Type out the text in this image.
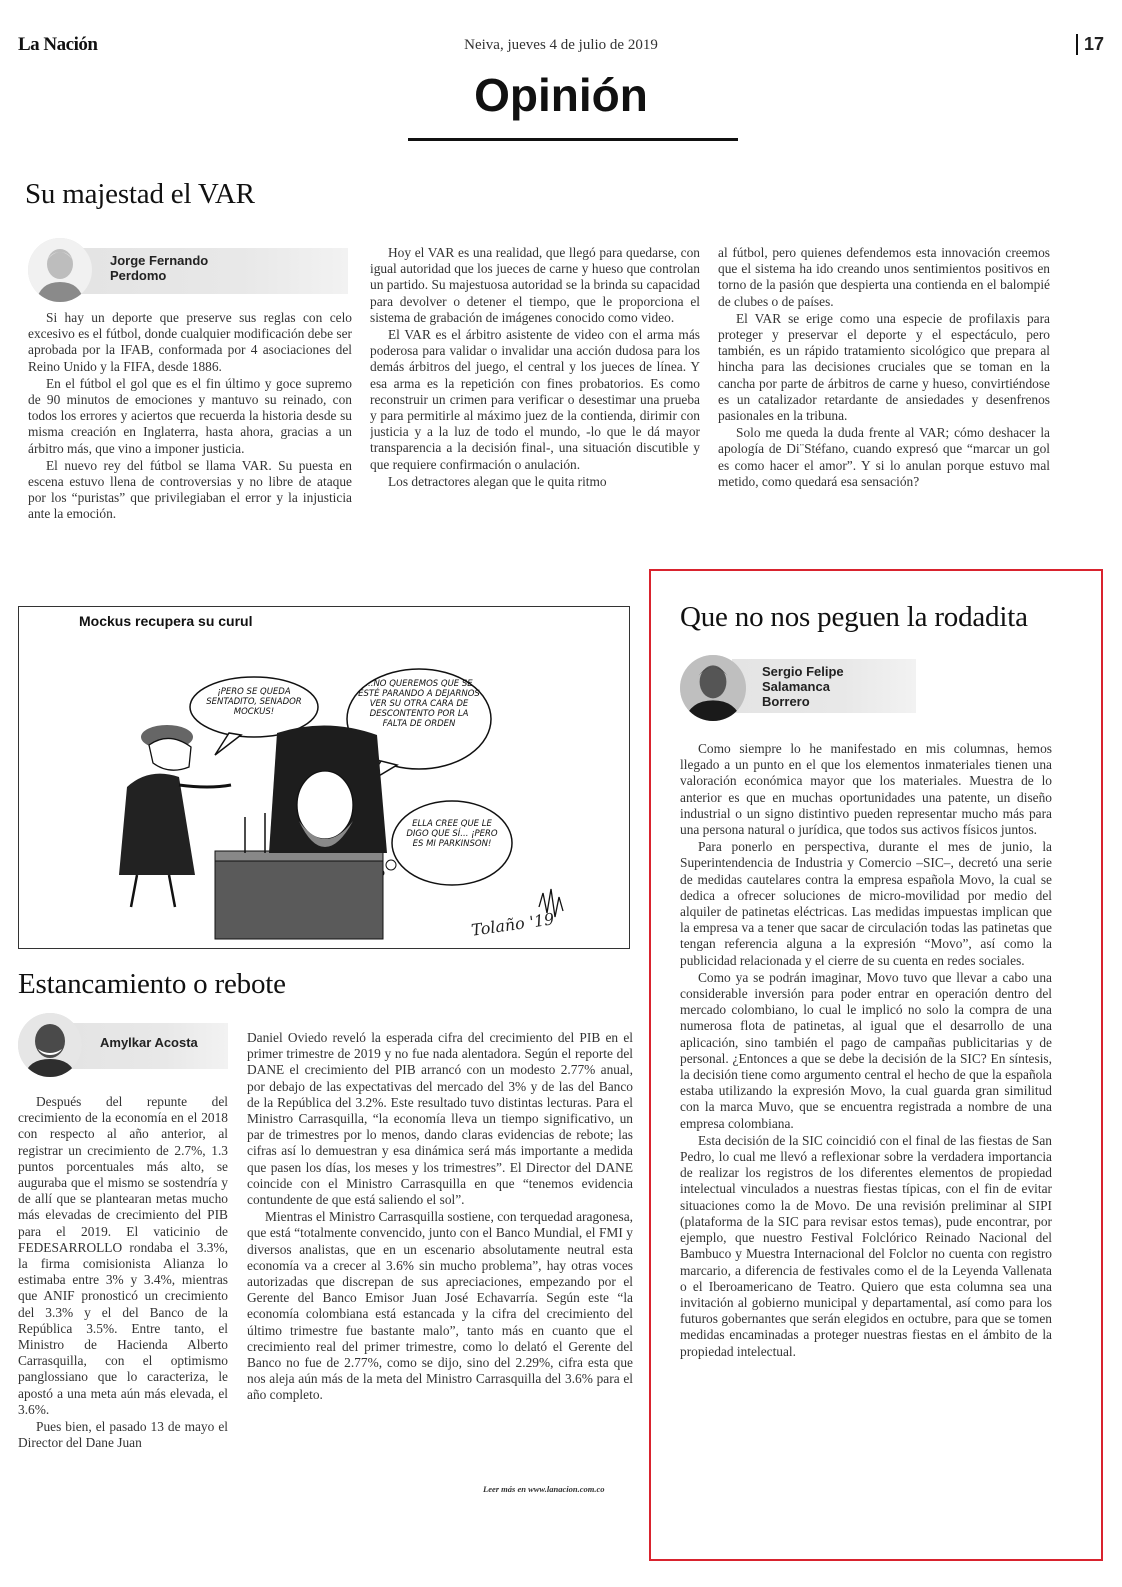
La Nación	Neiva, jueves 4 de julio de 2019	17
Opinión
Su majestad el VAR
Jorge Fernando
Perdomo

Si hay un deporte que preserve sus reglas con celo excesivo es el fútbol, donde cualquier modificación debe ser aprobada por la IFAB, conformada por 4 asociaciones del Reino Unido y la FIFA, desde 1886.

En el fútbol el gol que es el fin último y goce supremo de 90 minutos de emociones y mantuvo su reinado, con todos los errores y aciertos que recuerda la historia desde su misma creación en Inglaterra, hasta ahora, gracias a un árbitro más, que vino a imponer justicia.

El nuevo rey del fútbol se llama VAR. Su puesta en escena estuvo llena de controversias y no libre de ataque por los “puristas” que privilegiaban el error y la injusticia ante la emoción.

Hoy el VAR es una realidad, que llegó para quedarse, con igual autoridad que los jueces de carne y hueso que controlan un partido. Su majestuosa autoridad se la brinda su capacidad para devolver o detener el tiempo, que le proporciona el sistema de grabación de imágenes conocido como video.

El VAR es el árbitro asistente de video con el arma más poderosa para validar o invalidar una acción dudosa para los demás árbitros del juego, el central y los jueces de línea. Y esa arma es la repetición con fines probatorios. Es como reconstruir un crimen para verificar o desestimar una prueba y para permitirle al máximo juez de la contienda, dirimir con justicia y a la luz de todo el mundo, -lo que le dá mayor transparencia a la decisión final-, una situación discutible y que requiere confirmación o anulación.

Los detractores alegan que le quita ritmo

al fútbol, pero quienes defendemos esta innovación creemos que el sistema ha ido creando unos sentimientos positivos en torno de la pasión que despierta una contienda en el balompié de clubes o de países.

El VAR se erige como una especie de profilaxis para proteger y preservar el deporte y el espectáculo, pero también, es un rápido tratamiento sicológico que prepara al hincha para las decisiones cruciales que se toman en la cancha por parte de árbitros de carne y hueso, convirtiéndose es un catalizador retardante de ansiedades y desenfrenos pasionales en la tribuna.

Solo me queda la duda frente al VAR; cómo deshacer la apología de Di¨Stéfano, cuando expresó que “marcar un gol es como hacer el amor”. Y si lo anulan porque estuvo mal metido, como quedará esa sensación?

Mockus recupera su curul
¡PERO SE QUEDA SENTADITO, SENADOR MOCKUS!
...NO QUEREMOS QUE SE ESTÉ PARANDO A DEJARNOS VER SU OTRA CARA DE DESCONTENTO POR LA FALTA DE ORDEN
ELLA CREE QUE LE DIGO QUE SÍ... ¡PERO ES MI PARKINSON!
Tolaño '19
Estancamiento o rebote
Amylkar Acosta

Después del repunte del crecimiento de la economía en el 2018 con respecto al año anterior, al registrar un crecimiento de 2.7%, 1.3 puntos porcentuales más alto, se auguraba que el mismo se sostendría y de allí que se plantearan metas mucho más elevadas de crecimiento del PIB para el 2019. El vaticinio de FEDESARROLLO rondaba el 3.3%, la firma comisionista Alianza lo estimaba entre 3% y 3.4%, mientras que ANIF pronosticó un crecimiento del 3.3% y el del Banco de la República 3.5%. Entre tanto, el Ministro de Hacienda Alberto Carrasquilla, con el optimismo panglossiano que lo caracteriza, le apostó a una meta aún más elevada, el 3.6%.

Pues bien, el pasado 13 de mayo el Director del Dane Juan

Daniel Oviedo reveló la esperada cifra del crecimiento del PIB en el primer trimestre de 2019 y no fue nada alentadora. Según el reporte del DANE el crecimiento del PIB arrancó con un modesto 2.77% anual, por debajo de las expectativas del mercado del 3% y de las del Banco de la República del 3.2%. Este resultado tuvo distintas lecturas. Para el Ministro Carrasquilla, “la economía lleva un tiempo significativo, un par de trimestres por lo menos, dando claras evidencias de rebote; las cifras así lo demuestran y esa dinámica será más importante a medida que pasen los días, los meses y los trimestres”. El Director del DANE coincide con el Ministro Carrasquilla en que “tenemos evidencia contundente de que está saliendo el sol”.

Mientras el Ministro Carrasquilla sostiene, con terquedad aragonesa, que está “totalmente convencido, junto con el Banco Mundial, el FMI y diversos analistas, que en un escenario absolutamente neutral esta economía va a crecer al 3.6% sin mucho problema”, hay otras voces autorizadas que discrepan de sus apreciaciones, empezando por el Gerente del Banco Emisor Juan José Echavarría. Según este “la economía colombiana está estancada y la cifra del crecimiento del último trimestre fue bastante malo”, tanto más en cuanto que el crecimiento real del primer trimestre, como lo delató el Gerente del Banco no fue de 2.77%, como se dijo, sino del 2.29%, cifra esta que nos aleja aún más de la meta del Ministro Carrasquilla del 3.6% para el año completo.

Leer más en www.lanacion.com.co
Que no nos peguen la rodadita
Sergio Felipe
Salamanca
Borrero

Como siempre lo he manifestado en mis columnas, hemos llegado a un punto en el que los elementos inmateriales tienen una valoración económica mayor que los materiales. Muestra de lo anterior es que en muchas oportunidades una patente, un diseño industrial o un signo distintivo pueden representar mucho más para una persona natural o jurídica, que todos sus activos físicos juntos.

Para ponerlo en perspectiva, durante el mes de junio, la Superintendencia de Industria y Comercio –SIC–, decretó una serie de medidas cautelares contra la empresa española Movo, la cual se dedica a ofrecer soluciones de micro-movilidad por medio del alquiler de patinetas eléctricas. Las medidas impuestas implican que la empresa va a tener que sacar de circulación todas las patinetas que tengan referencia alguna a la expresión “Movo”, así como la publicidad relacionada y el cierre de su cuenta en redes sociales.

Como ya se podrán imaginar, Movo tuvo que llevar a cabo una considerable inversión para poder entrar en operación dentro del mercado colombiano, lo cual le implicó no solo la compra de una numerosa flota de patinetas, al igual que el desarrollo de una aplicación, sino también el pago de campañas publicitarias y de personal. ¿Entonces a que se debe la decisión de la SIC? En síntesis, la decisión tiene como argumento central el hecho de que la española estaba utilizando la expresión Movo, la cual guarda gran similitud con la marca Muvo, que se encuentra registrada a nombre de una empresa colombiana.

Esta decisión de la SIC coincidió con el final de las fiestas de San Pedro, lo cual me llevó a reflexionar sobre la verdadera importancia de realizar los registros de los diferentes elementos de propiedad intelectual vinculados a nuestras fiestas típicas, con el fin de evitar situaciones como la de Movo. De una revisión preliminar al SIPI (plataforma de la SIC para revisar estos temas), pude encontrar, por ejemplo, que nuestro Festival Folclórico Reinado Nacional del Bambuco y Muestra Internacional del Folclor no cuenta con registro marcario, a diferencia de festivales como el de la Leyenda Vallenata o el Iberoamericano de Teatro. Quiero que esta columna sea una invitación al gobierno municipal y departamental, así como para los futuros gobernantes que serán elegidos en octubre, para que se tomen medidas encaminadas a proteger nuestras fiestas en el ámbito de la propiedad intelectual.
